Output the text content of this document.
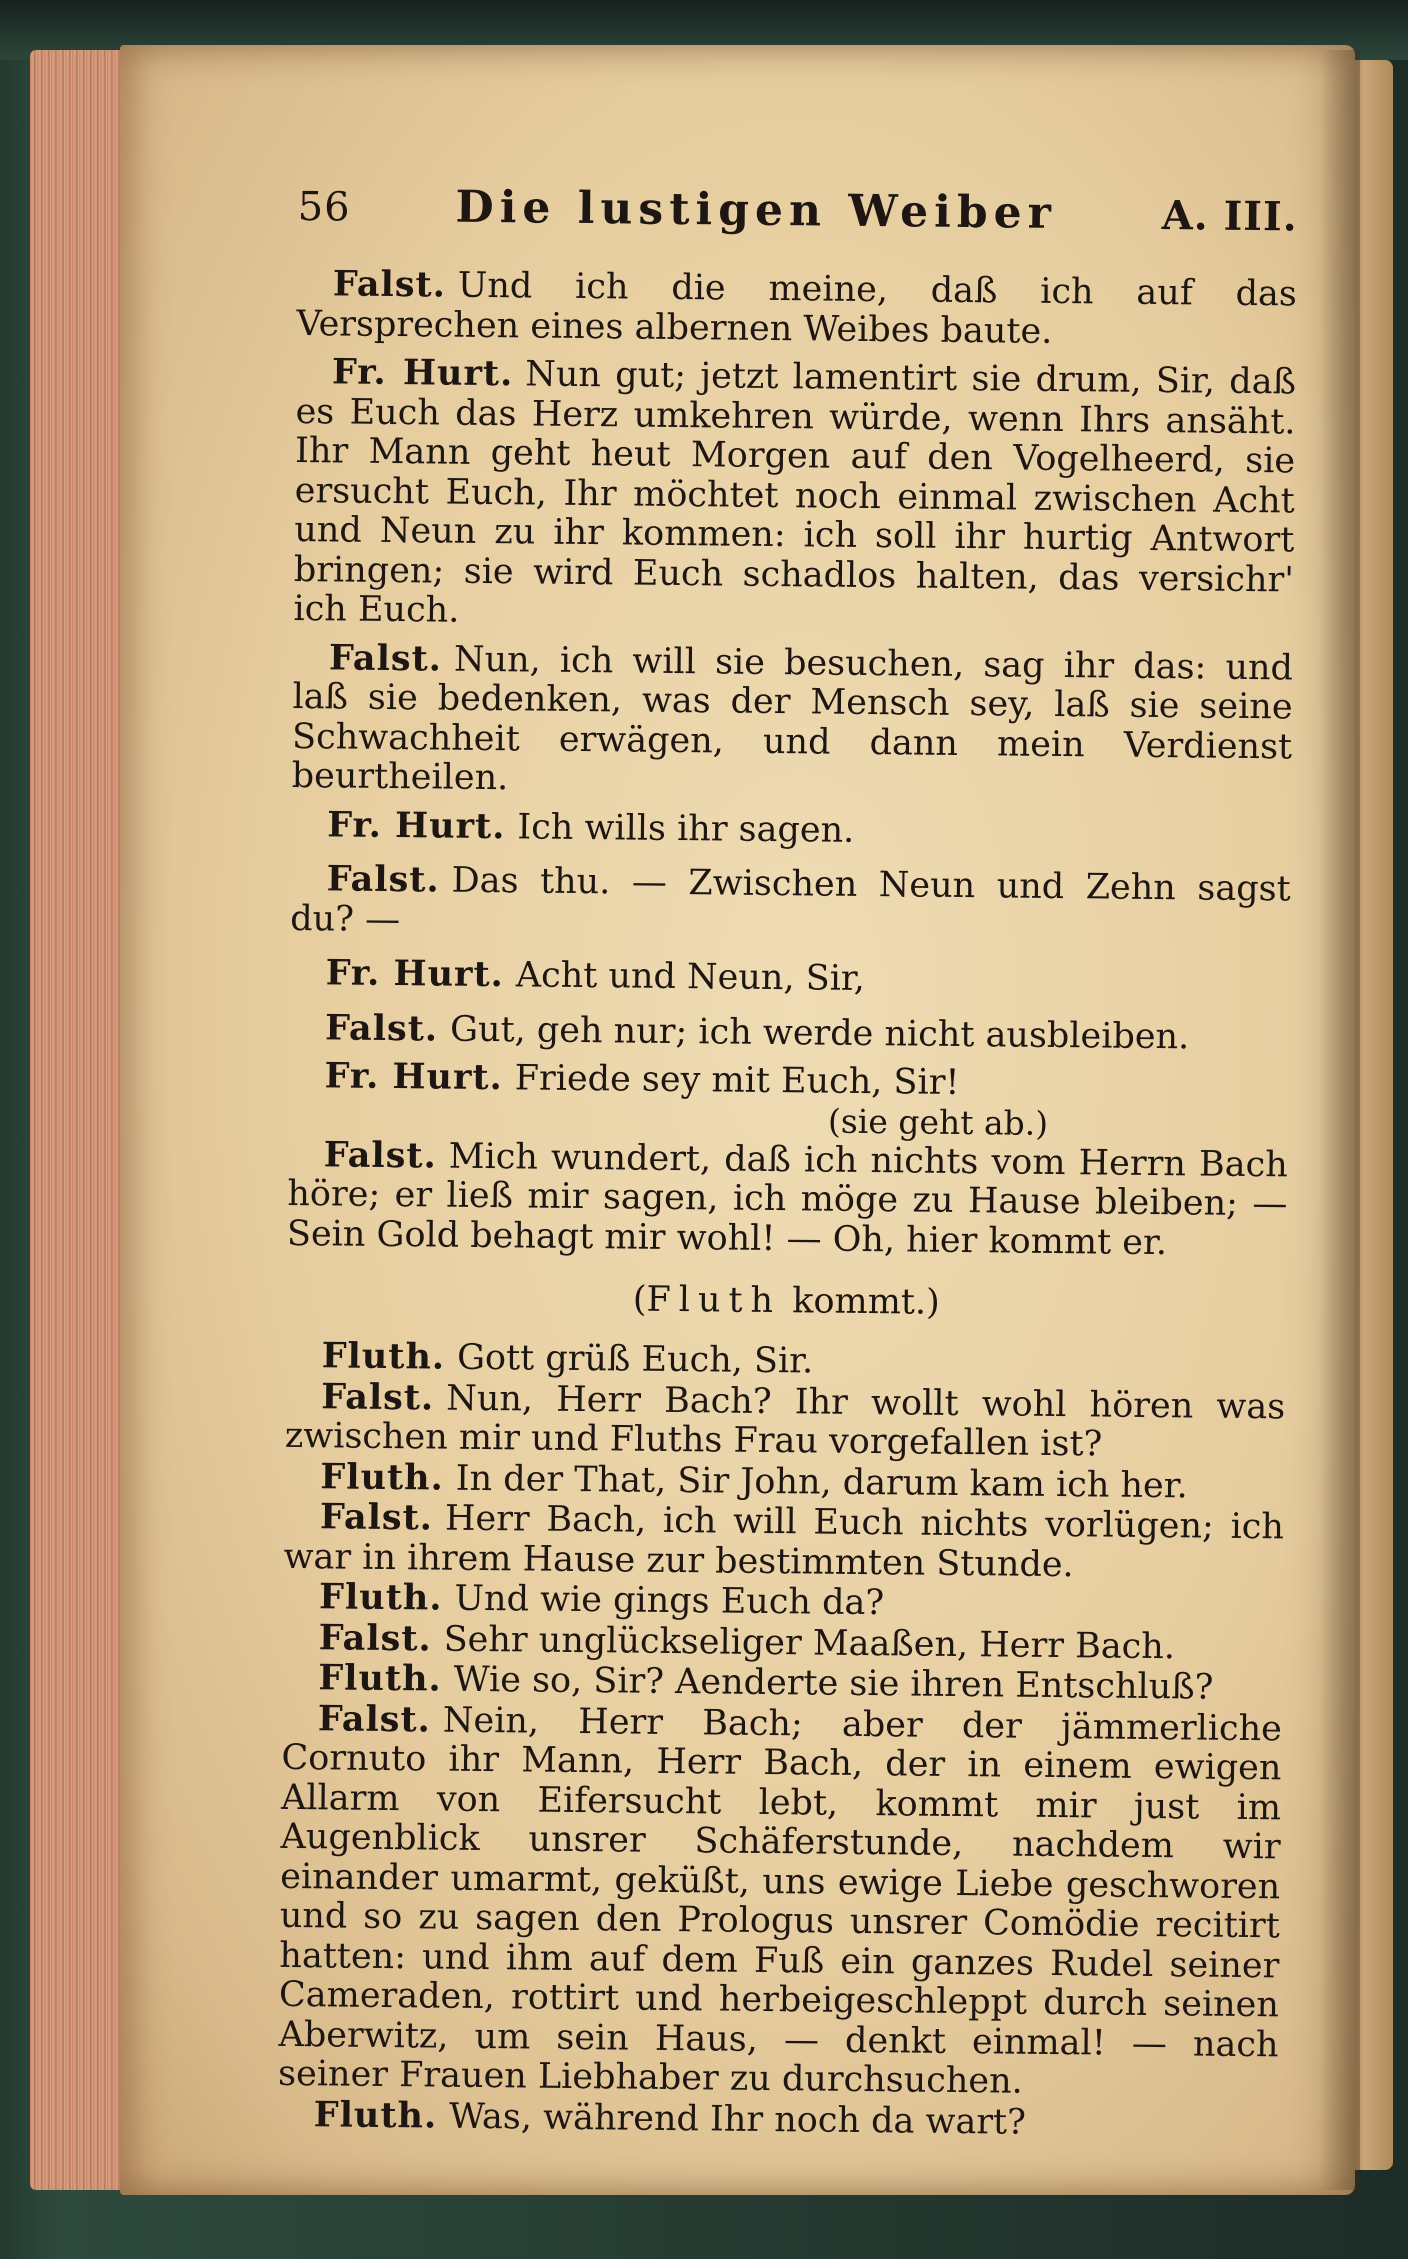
56 Die lustigen Weiber	A. III.

Falst. Und ich die meine, daß ich auf das Versprechen eines albernen Weibes baute.

Fr. Hurt. Nun gut; jetzt lamentirt sie drum, Sir, daß es Euch das Herz umkehren würde, wenn Ihrs ansäht. Ihr Mann geht heut Morgen auf den Vogelheerd, sie ersucht Euch, Ihr möchtet noch einmal zwischen Acht und Neun zu ihr kommen: ich soll ihr hurtig Antwort bringen; sie wird Euch schadlos halten, das versichr' ich Euch.

Falst. Nun, ich will sie besuchen, sag ihr das: und laß sie bedenken, was der Mensch sey, laß sie seine Schwachheit erwägen, und dann mein Verdienst beurtheilen.

Fr. Hurt. Ich wills ihr sagen.

Falst. Das thu. — Zwischen Neun und Zehn sagst du? —

Fr. Hurt. Acht und Neun, Sir,

Falst. Gut, geh nur; ich werde nicht ausbleiben.

Fr. Hurt. Friede sey mit Euch, Sir!

(sie geht ab.)

Falst. Mich wundert, daß ich nichts vom Herrn Bach höre; er ließ mir sagen, ich möge zu Hause bleiben; — Sein Gold behagt mir wohl! — Oh, hier kommt er.

(Fluth kommt.)

Fluth. Gott grüß Euch, Sir.

Falst. Nun, Herr Bach? Ihr wollt wohl hören was zwischen mir und Fluths Frau vorgefallen ist?

Fluth. In der That, Sir John, darum kam ich her.

Falst. Herr Bach, ich will Euch nichts vorlügen; ich war in ihrem Hause zur bestimmten Stunde.

Fluth. Und wie gings Euch da?

Falst. Sehr unglückseliger Maaßen, Herr Bach.

Fluth. Wie so, Sir? Aenderte sie ihren Entschluß?

Falst. Nein, Herr Bach; aber der jämmerliche Cornuto ihr Mann, Herr Bach, der in einem ewigen Allarm von Eifersucht lebt, kommt mir just im Augenblick unsrer Schäferstunde, nachdem wir einander umarmt, geküßt, uns ewige Liebe geschworen und so zu sagen den Prologus unsrer Comödie recitirt hatten: und ihm auf dem Fuß ein ganzes Rudel seiner Cameraden, rottirt und herbeigeschleppt durch seinen Aberwitz, um sein Haus, — denkt einmal! — nach seiner Frauen Liebhaber zu durchsuchen.

Fluth. Was, während Ihr noch da wart?
